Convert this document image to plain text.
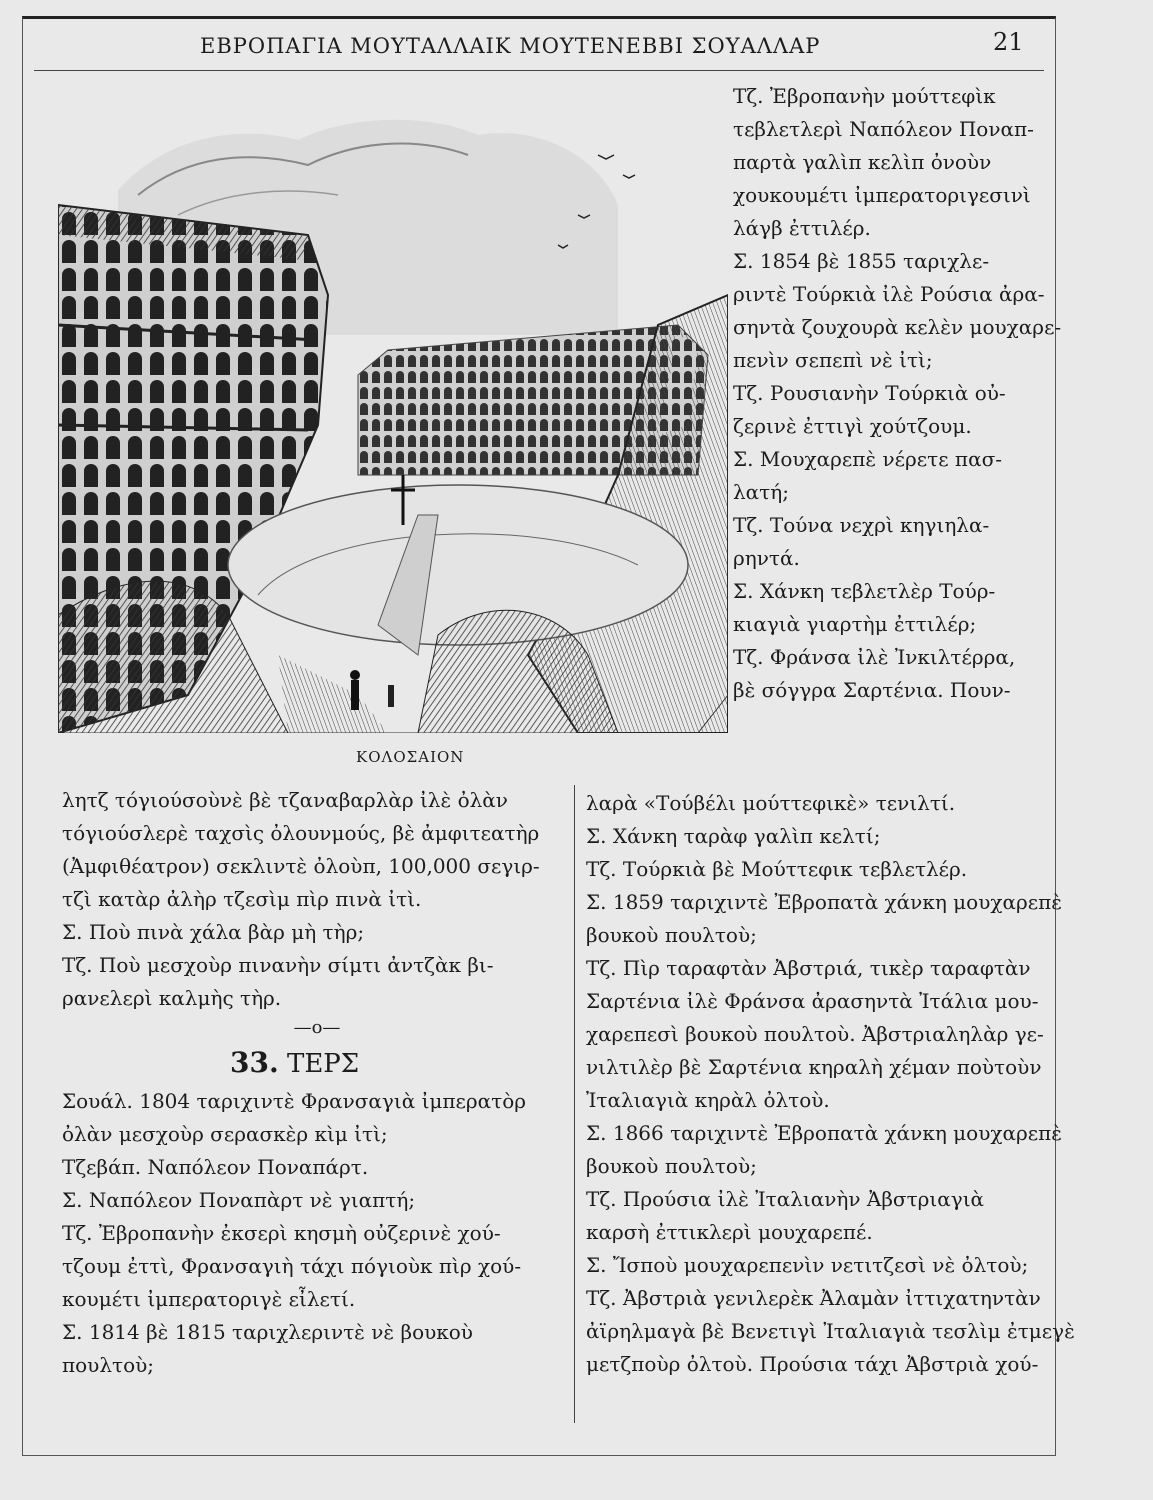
ΕΒΡΟΠΑΓΙΑ ΜΟΥΤΑΛΛΑΙΚ ΜΟΥΤΕΝΕΒΒΙ ΣΟΥΑΛΛΑΡ	21
ΚΟΛΟΣΑΙΟΝ
Τζ. Ἐβροπανὴν μούττεφὶκ
τεβλετλερὶ Ναπόλεον Ποναπ-
παρτὰ γαλὶπ κελὶπ ὀνοὺν
χουκουμέτι ἰμπερατοριγεσινὶ
λάγβ ἐττιλέρ.
Σ. 1854 βὲ 1855 ταριχλε-
ριντὲ Τούρκιὰ ἰλὲ Ρούσια ἀρα-
σηντὰ ζουχουρὰ κελὲν μουχαρε-
πενὶν σεπεπὶ νὲ ἰτὶ;
Τζ. Ρουσιανὴν Τούρκιὰ οὐ-
ζερινὲ ἐττιγὶ χούτζουμ.
Σ. Μουχαρεπὲ νέρετε πασ-
λατή;
Τζ. Τούνα νεχρὶ κηγιηλα-
ρηντά.
Σ. Χάνκη τεβλετλὲρ Τούρ-
κιαγιὰ γιαρτὴμ ἐττιλέρ;
Τζ. Φράνσα ἰλὲ Ἰνκιλτέρρα,
βὲ σόγγρα Σαρτένια. Πουν-
λητζ τόγιούσοὺνὲ βὲ τζαναβαρλὰρ ἰλὲ ὀλὰν
τόγιούσλερὲ ταχσὶς ὀλουνμούς, βὲ ἀμφιτεατὴρ
(Ἀμφιθέατρον) σεκλιντὲ ὀλοὺπ, 100,000 σεγιρ-
τζὶ κατὰρ ἀλὴρ τζεσὶμ πὶρ πινὰ ἰτὶ.
Σ. Ποὺ πινὰ χάλα βὰρ μὴ τὴρ;
Τζ. Ποὺ μεσχοὺρ πινανὴν σίμτι ἀντζὰκ βι-
ρανελερὶ καλμὴς τὴρ.
—o—
33. ΤΕΡΣ
Σουάλ. 1804 ταριχιντὲ Φρανσαγιὰ ἰμπερατὸρ
ὀλὰν μεσχοὺρ σερασκὲρ κὶμ ἰτὶ;
Τζεβάπ. Ναπόλεον Ποναπάρτ.
Σ. Ναπόλεον Ποναπὰρτ νὲ γιαπτή;
Τζ. Ἐβροπανὴν ἐκσερὶ κησμὴ οὐζερινὲ χού-
τζουμ ἐττὶ, Φρανσαγιὴ τάχι πόγιοὺκ πὶρ χού-
κουμέτι ἰμπερατοριγὲ εἶλετί.
Σ. 1814 βὲ 1815 ταριχλεριντὲ νὲ βουκοὺ
πουλτοὺ;
λαρὰ «Τούβέλι μούττεφικὲ» τενιλτί.
Σ. Χάνκη ταρὰφ γαλὶπ κελτί;
Τζ. Τούρκιὰ βὲ Μούττεφικ τεβλετλέρ.
Σ. 1859 ταριχιντὲ Ἐβροπατὰ χάνκη μουχαρεπὲ
βουκοὺ πουλτοὺ;
Τζ. Πὶρ ταραφτὰν Ἀβστριά, τικὲρ ταραφτὰν
Σαρτένια ἰλὲ Φράνσα ἀρασηντὰ Ἰτάλια μου-
χαρεπεσὶ βουκοὺ πουλτοὺ. Ἀβστριαληλὰρ γε-
νιλτιλὲρ βὲ Σαρτένια κηραλὴ χέμαν ποὺτοὺν
Ἰταλιαγιὰ κηρὰλ ὀλτοὺ.
Σ. 1866 ταριχιντὲ Ἐβροπατὰ χάνκη μουχαρεπὲ
βουκοὺ πουλτοὺ;
Τζ. Προύσια ἰλὲ Ἰταλιανὴν Ἀβστριαγιὰ
καρσὴ ἐττικλερὶ μουχαρεπέ.
Σ. Ἴσποὺ μουχαρεπενὶν νετιτζεσὶ νὲ ὀλτοὺ;
Τζ. Ἀβστριὰ γενιλερὲκ Ἀλαμὰν ἰττιχατηντὰν
ἀϊρηλμαγὰ βὲ Βενετιγὶ Ἰταλιαγιὰ τεσλὶμ ἐτμεγὲ
μετζποὺρ ὀλτοὺ. Προύσια τάχι Ἀβστριὰ χού-
